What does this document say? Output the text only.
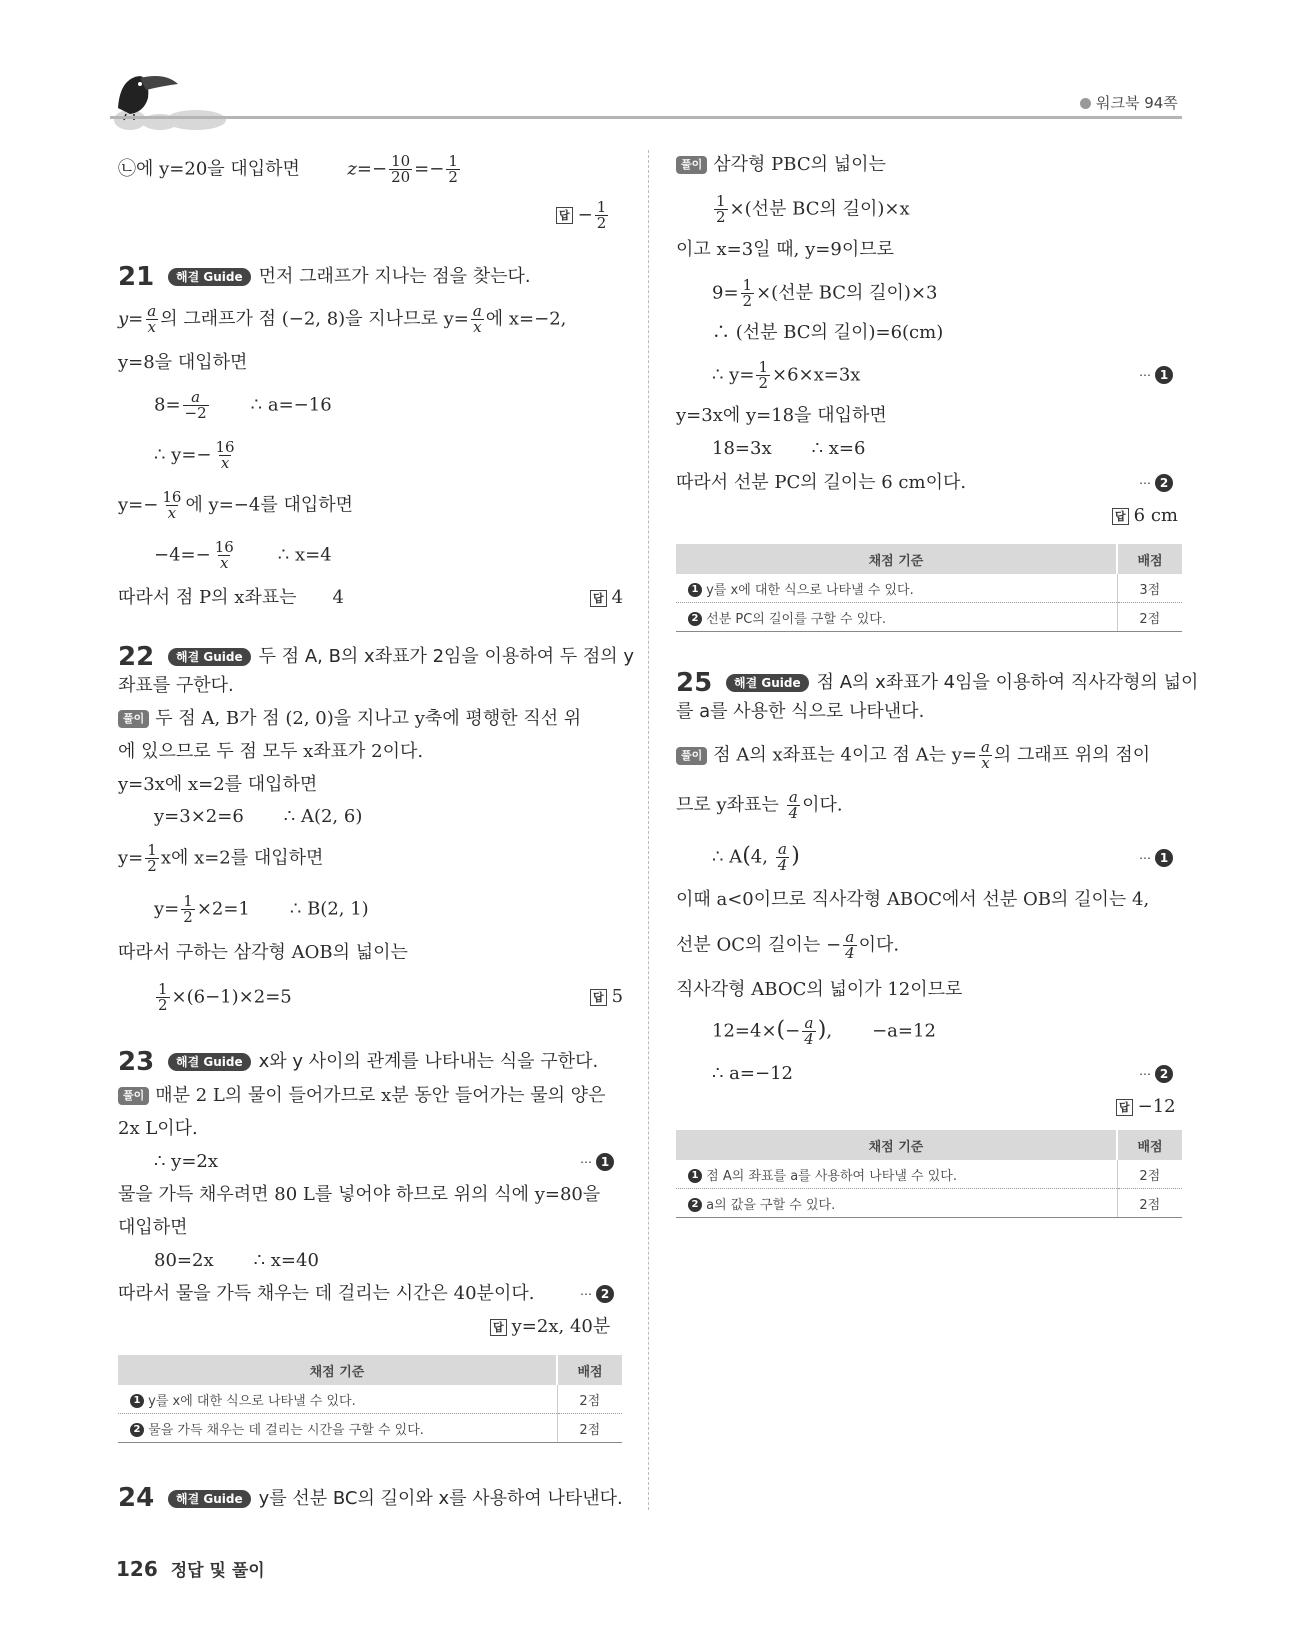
워크북 94쪽
㉡에 y=20을 대입하면	$z=- \frac{10}{20} =- \frac{1}{2}$
답 − $\frac{1}{2}$
21	해결 Guide 먼저 그래프가 지나는 점을 찾는다.
$y= \frac{a}{x}$ 의 그래프가 점 (−2, 8)을 지나므로 $y= \frac{a}{x}$ 에 x=−2,
y=8을 대입하면
$8= \frac{a}{-2}$ ∴ a=−16
∴ $y=- \frac{16}{x}$
$y=- \frac{16}{x}$ 에 y=−4를 대입하면
$-4=- \frac{16}{x}$ ∴ x=4
따라서 점 P의 x좌표는　　4	답 4
22	해결 Guide 두 점 A, B의 x좌표가 2임을 이용하여 두 점의 y
좌표를 구한다.
풀이 두 점 A, B가 점 (2, 0)을 지나고 y축에 평행한 직선 위
에 있으므로 두 점 모두 x좌표가 2이다.
y=3x에 x=2를 대입하면
y=3×2=6 ∴ A(2, 6)
$y= \frac{1}{2}$ x에 x=2를 대입하면
$y= \frac{1}{2} \times 2=1$ ∴ B(2, 1)
따라서 구하는 삼각형 AOB의 넓이는
$\frac{1}{2} \times(6-1)\times 2=5$	답 5
23	해결 Guide x와 y 사이의 관계를 나타내는 식을 구한다.
풀이 매분 2 L의 물이 들어가므로 x분 동안 들어가는 물의 양은
2x L이다.
∴ y=2x	⋯ 1
물을 가득 채우려면 80 L를 넣어야 하므로 위의 식에 y=80을
대입하면
80=2x ∴ x=40
따라서 물을 가득 채우는 데 걸리는 시간은 40분이다.	⋯ 2
답 y=2x, 40분
채점 기준	배점
1 y를 x에 대한 식으로 나타낼 수 있다.	2점
2 물을 가득 채우는 데 걸리는 시간을 구할 수 있다.	2점
24	해결 Guide y를 선분 BC의 길이와 x를 사용하여 나타낸다.
126 정답 및 풀이
풀이 삼각형 PBC의 넓이는
$\frac{1}{2}$ ×(선분 BC의 길이)×x
이고 x=3일 때, y=9이므로
$9= \frac{1}{2}$ ×(선분 BC의 길이)×3
∴ (선분 BC의 길이)=6(cm)
∴ $y= \frac{1}{2} \times 6\times x=3x$	⋯ 1
y=3x에 y=18을 대입하면
18=3x ∴ x=6
따라서 선분 PC의 길이는 6 cm이다.	⋯ 2
답 6 cm
채점 기준	배점
1 y를 x에 대한 식으로 나타낼 수 있다.	3점
2 선분 PC의 길이를 구할 수 있다.	2점
25	해결 Guide 점 A의 x좌표가 4임을 이용하여 직사각형의 넓이
를 a를 사용한 식으로 나타낸다.
풀이 점 A의 x좌표는 4이고 점 A는 $y= \frac{a}{x}$ 의 그래프 위의 점이
므로 y좌표는 $\frac{a}{4}$ 이다.
∴ A(4, $\frac{a}{4}$ )	⋯ 1
이때 a<0이므로 직사각형 ABOC에서 선분 OB의 길이는 4,
선분 OC의 길이는 − $\frac{a}{4}$ 이다.
직사각형 ABOC의 넓이가 12이므로
$12=4\times(- \frac{a}{4}$ ), −a=12
∴ a=−12	⋯ 2
답 −12
채점 기준	배점
1 점 A의 좌표를 a를 사용하여 나타낼 수 있다.	2점
2 a의 값을 구할 수 있다.	2점
